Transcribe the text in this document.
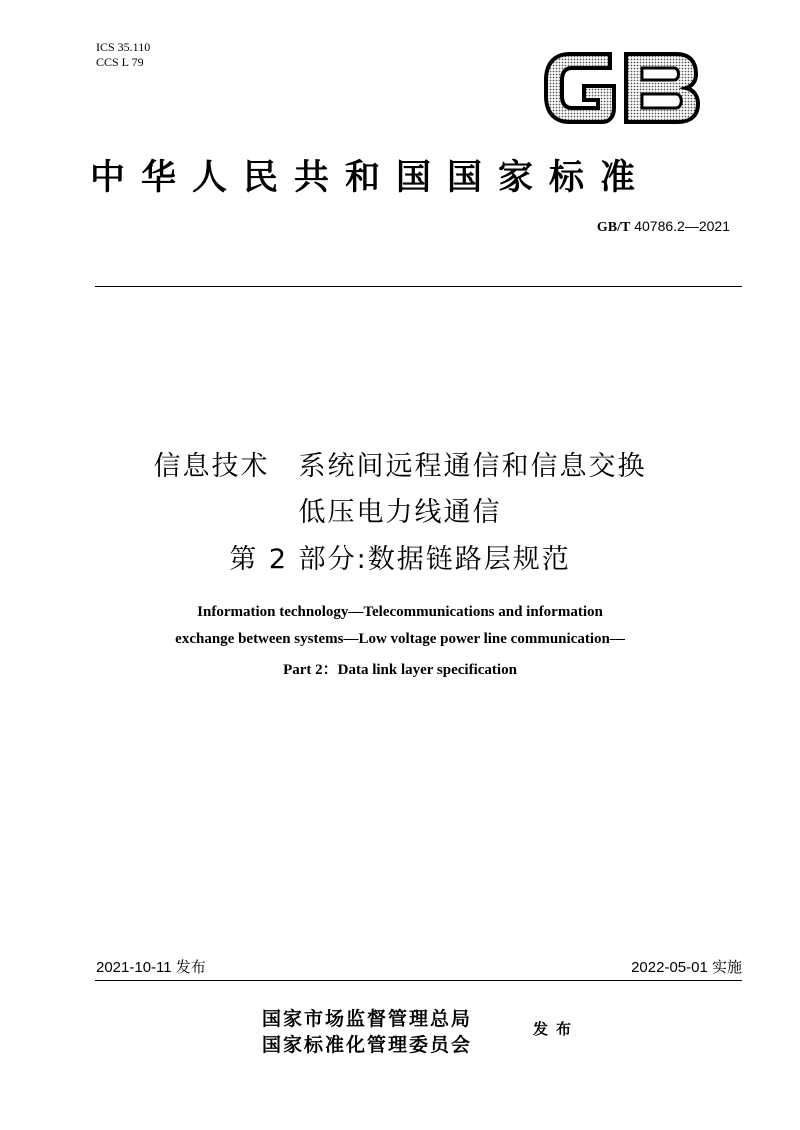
ICS 35.110
CCS L 79
GB
中华人民共和国国家标准
GB/T 40786.2—2021
信息技术　系统间远程通信和信息交换
低压电力线通信
第 2 部分:数据链路层规范
Information technology—Telecommunications and information
exchange between systems—Low voltage power line communication—
Part 2：Data link layer specification
2021-10-11 发布	2022-05-01 实施
国家市场监督管理总局
国家标准化管理委员会
发布
